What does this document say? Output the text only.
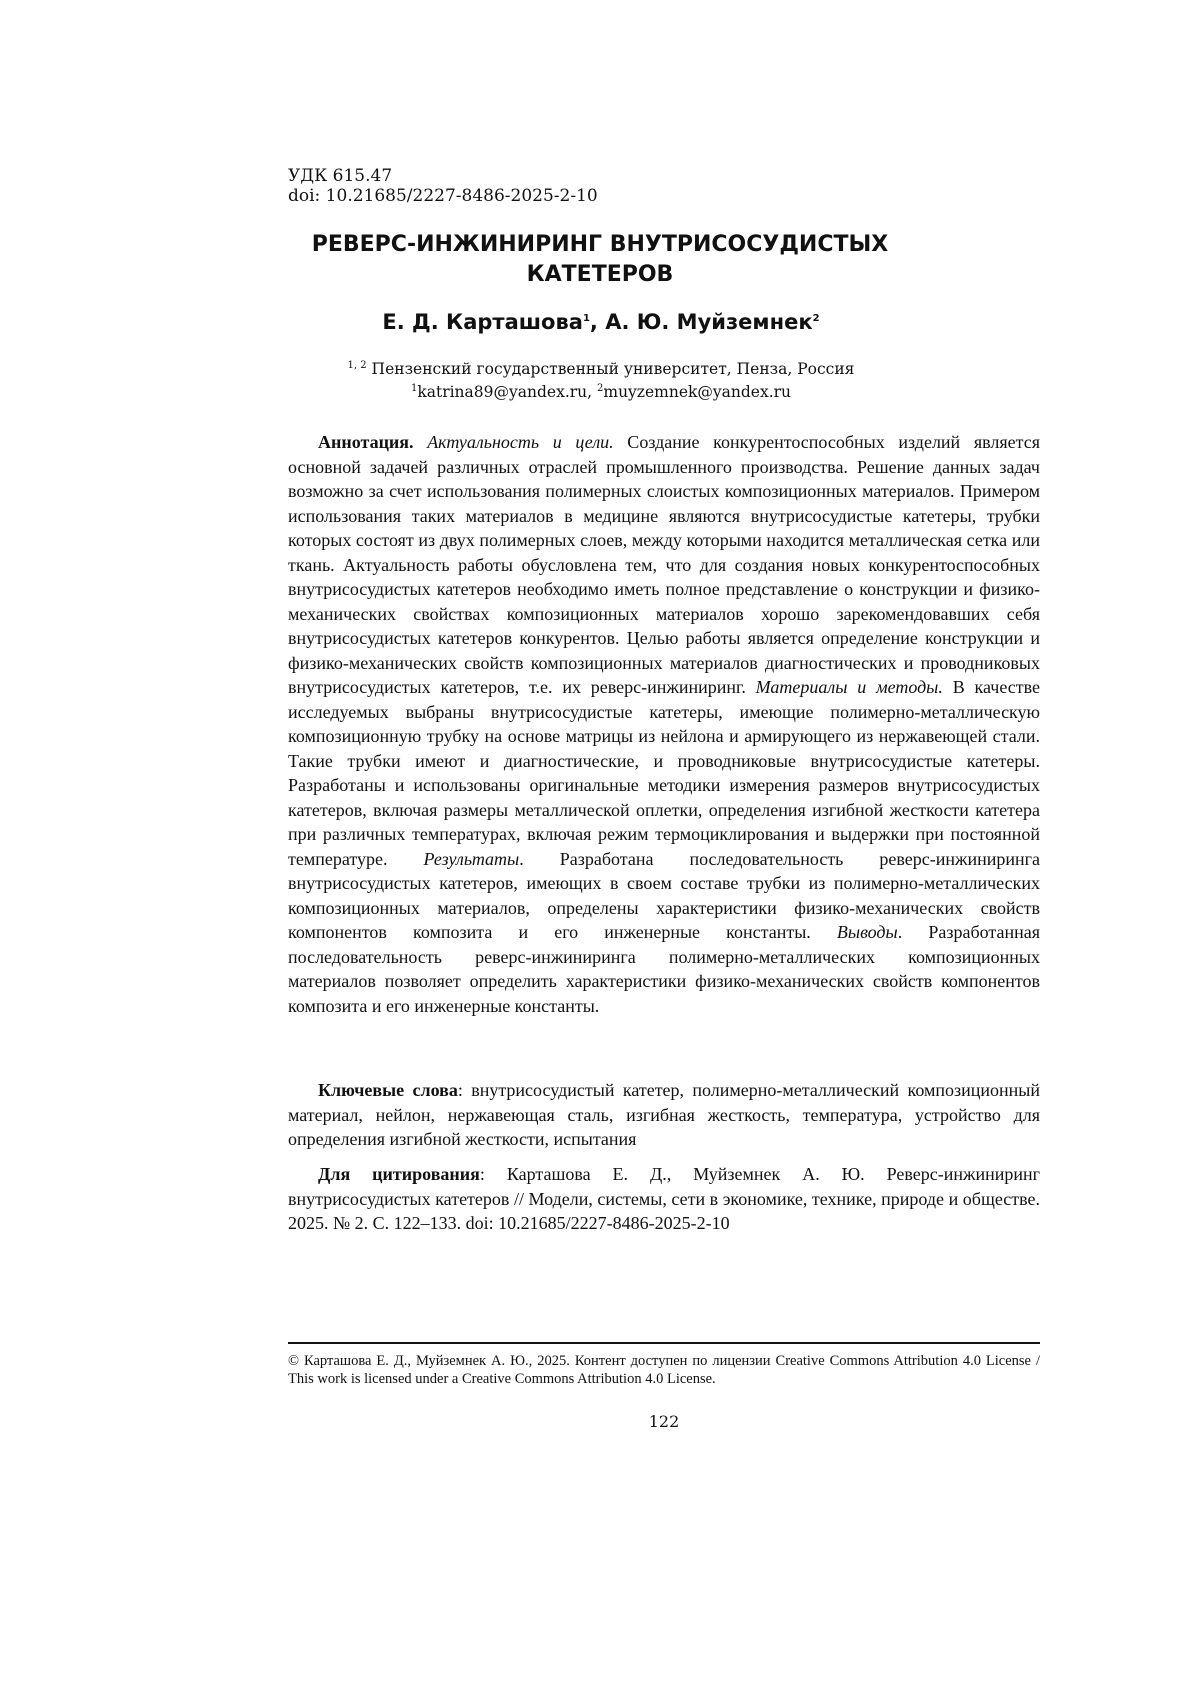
УДК 615.47
doi: 10.21685/2227-8486-2025-2-10
РЕВЕРС-ИНЖИНИРИНГ ВНУТРИСОСУДИСТЫХ
КАТЕТЕРОВ
Е. Д. Карташова$^1$, А. Ю. Муйземнек$^2$
$^{1, 2}$ Пензенский государственный университет, Пенза, Россия
$^1$katrina89@yandex.ru, $^2$muyzemnek@yandex.ru
Аннотация. Актуальность и цели. Создание конкурентоспособных изделий является основной задачей различных отраслей промышленного производства. Решение данных задач возможно за счет использования полимерных слоистых композиционных материалов. Примером использования таких материалов в медицине являются внутрисосудистые катетеры, трубки которых состоят из двух полимерных слоев, между которыми находится металлическая сетка или ткань. Актуальность работы обусловлена тем, что для создания новых конкурентоспособных внутрисосудистых катетеров необходимо иметь полное представление о конструкции и физико-механических свойствах композиционных материалов хорошо зарекомендовавших себя внутрисосудистых катетеров конкурентов. Целью работы является определение конструкции и физико-механических свойств композиционных материалов диагностических и проводниковых внутрисосудистых катетеров, т.е. их реверс-инжиниринг. Материалы и методы. В качестве исследуемых выбраны внутрисосудистые катетеры, имеющие полимерно-металлическую композиционную трубку на основе матрицы из нейлона и армирующего из нержавеющей стали. Такие трубки имеют и диагностические, и проводниковые внутрисосудистые катетеры. Разработаны и использованы оригинальные методики измерения размеров внутрисосудистых катетеров, включая размеры металлической оплетки, определения изгибной жесткости катетера при различных температурах, включая режим термоциклирования и выдержки при постоянной температуре. Результаты. Разработана последовательность реверс-инжиниринга внутрисосудистых катетеров, имеющих в своем составе трубки из полимерно-металлических композиционных материалов, определены характеристики физико-механических свойств компонентов композита и его инженерные константы. Выводы. Разработанная последовательность реверс-инжиниринга полимерно-металлических композиционных материалов позволяет определить характеристики физико-механических свойств компонентов композита и его инженерные константы.
Ключевые слова: внутрисосудистый катетер, полимерно-металлический композиционный материал, нейлон, нержавеющая сталь, изгибная жесткость, температура, устройство для определения изгибной жесткости, испытания
Для цитирования: Карташова Е. Д., Муйземнек А. Ю. Реверс-инжиниринг внутрисосудистых катетеров // Модели, системы, сети в экономике, технике, природе и обществе. 2025. № 2. С. 122–133. doi: 10.21685/2227-8486-2025-2-10
© Карташова Е. Д., Муйземнек А. Ю., 2025. Контент доступен по лицензии Creative Commons Attribution 4.0 License / This work is licensed under a Creative Commons Attribution 4.0 License.
122
